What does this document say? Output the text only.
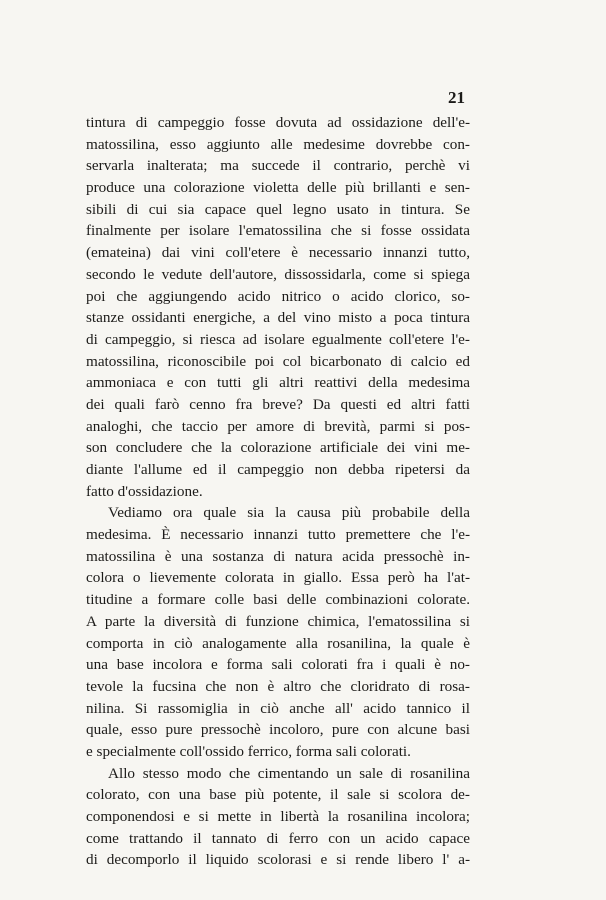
21
tintura di campeggio fosse dovuta ad ossidazione dell'e-
matossilina, esso aggiunto alle medesime dovrebbe con-
servarla inalterata; ma succede il contrario, perchè vi
produce una colorazione violetta delle più brillanti e sen-
sibili di cui sia capace quel legno usato in tintura. Se
finalmente per isolare l'ematossilina che si fosse ossidata
(emateina) dai vini coll'etere è necessario innanzi tutto,
secondo le vedute dell'autore, dissossidarla, come si spiega
poi che aggiungendo acido nitrico o acido clorico, so-
stanze ossidanti energiche, a del vino misto a poca tintura
di campeggio, si riesca ad isolare egualmente coll'etere l'e-
matossilina, riconoscibile poi col bicarbonato di calcio ed
ammoniaca e con tutti gli altri reattivi della medesima
dei quali farò cenno fra breve? Da questi ed altri fatti
analoghi, che taccio per amore di brevità, parmi si pos-
son concludere che la colorazione artificiale dei vini me-
diante l'allume ed il campeggio non debba ripetersi da
fatto d'ossidazione.
Vediamo ora quale sia la causa più probabile della
medesima. È necessario innanzi tutto premettere che l'e-
matossilina è una sostanza di natura acida pressochè in-
colora o lievemente colorata in giallo. Essa però ha l'at-
titudine a formare colle basi delle combinazioni colorate.
A parte la diversità di funzione chimica, l'ematossilina si
comporta in ciò analogamente alla rosanilina, la quale è
una base incolora e forma sali colorati fra i quali è no-
tevole la fucsina che non è altro che cloridrato di rosa-
nilina. Si rassomiglia in ciò anche all' acido tannico il
quale, esso pure pressochè incoloro, pure con alcune basi
e specialmente coll'ossido ferrico, forma sali colorati.
Allo stesso modo che cimentando un sale di rosanilina
colorato, con una base più potente, il sale si scolora de-
componendosi e si mette in libertà la rosanilina incolora;
come trattando il tannato di ferro con un acido capace
di decomporlo il liquido scolorasi e si rende libero l' a-
